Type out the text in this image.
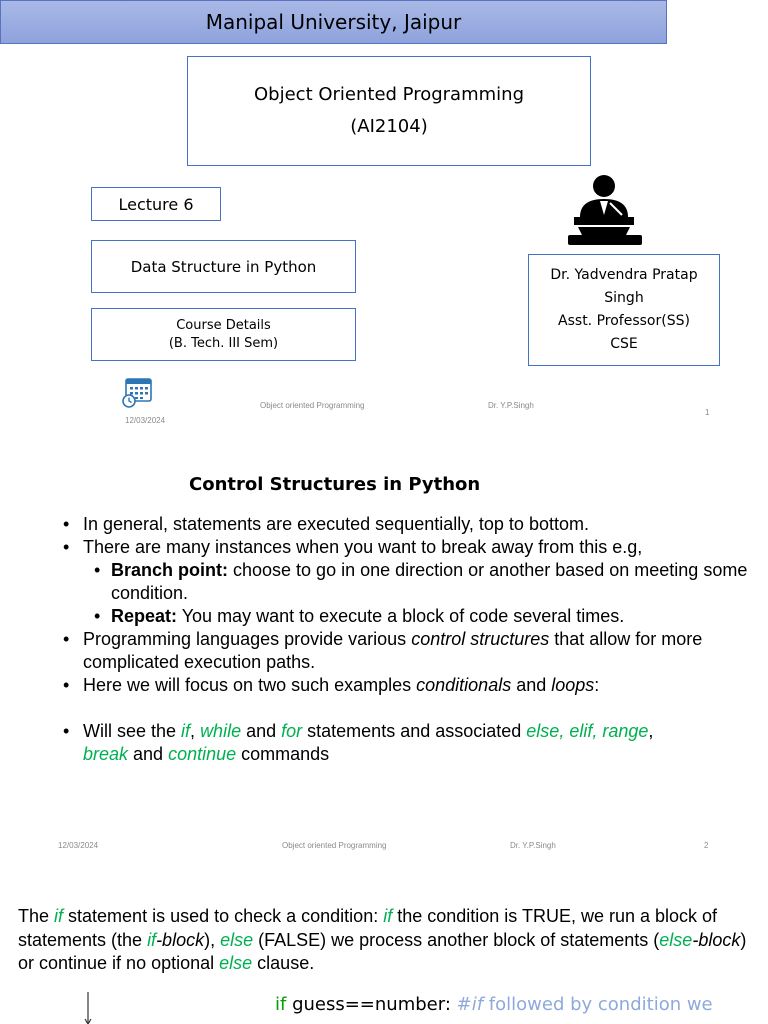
Manipal University, Jaipur
Object Oriented Programming
(AI2104)
Lecture 6
Data Structure in Python
Course Details
(B. Tech. III Sem)
Dr. Yadvendra Pratap Singh
Asst. Professor(SS)
CSE
12/03/2024
Object oriented Programming	Dr. Y.P.Singh
1
Control Structures in Python
• In general, statements are executed sequentially, top to bottom.
• There are many instances when you want to break away from this e.g,
• Branch point: choose to go in one direction or another based on meeting some condition.
• Repeat: You may want to execute a block of code several times.
• Programming languages provide various control structures that allow for more complicated execution paths.
• Here we will focus on two such examples conditionals and loops:
• Will see the if, while and for statements and associated else, elif, range,
break and continue commands
12/03/2024	Object oriented Programming	Dr. Y.P.Singh	2
The if statement is used to check a condition: if the condition is TRUE, we run a block of statements (the if-block), else (FALSE) we process another block of statements (else-block) or continue if no optional else clause.
if guess==number: #if followed by condition we
